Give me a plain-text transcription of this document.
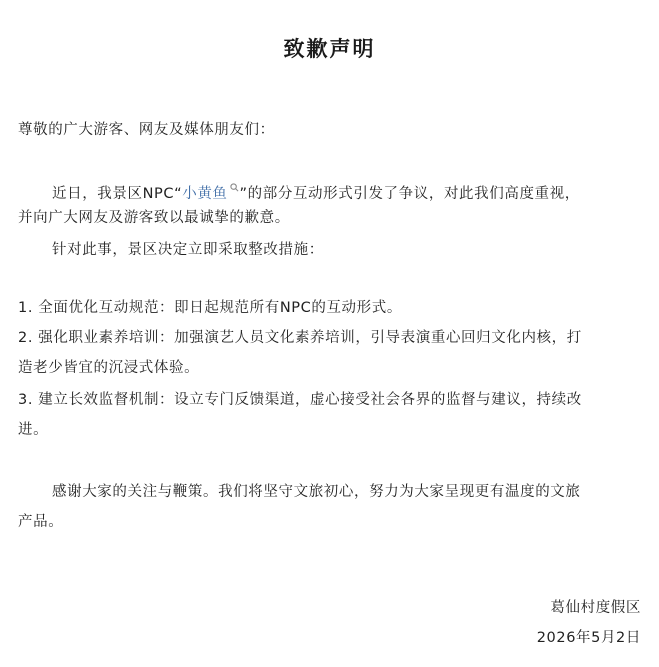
致歉声明
尊敬的广大游客、网友及媒体朋友们：
近日，我景区NPC“小黄鱼 ”的部分互动形式引发了争议，对此我们高度重视，
并向广大网友及游客致以最诚挚的歉意。
针对此事，景区决定立即采取整改措施：
1. 全面优化互动规范：即日起规范所有NPC的互动形式。
2. 强化职业素养培训：加强演艺人员文化素养培训，引导表演重心回归文化内核，打
造老少皆宜的沉浸式体验。
3. 建立长效监督机制：设立专门反馈渠道，虚心接受社会各界的监督与建议，持续改
进。
感谢大家的关注与鞭策。我们将坚守文旅初心，努力为大家呈现更有温度的文旅
产品。
葛仙村度假区
2026年5月2日
